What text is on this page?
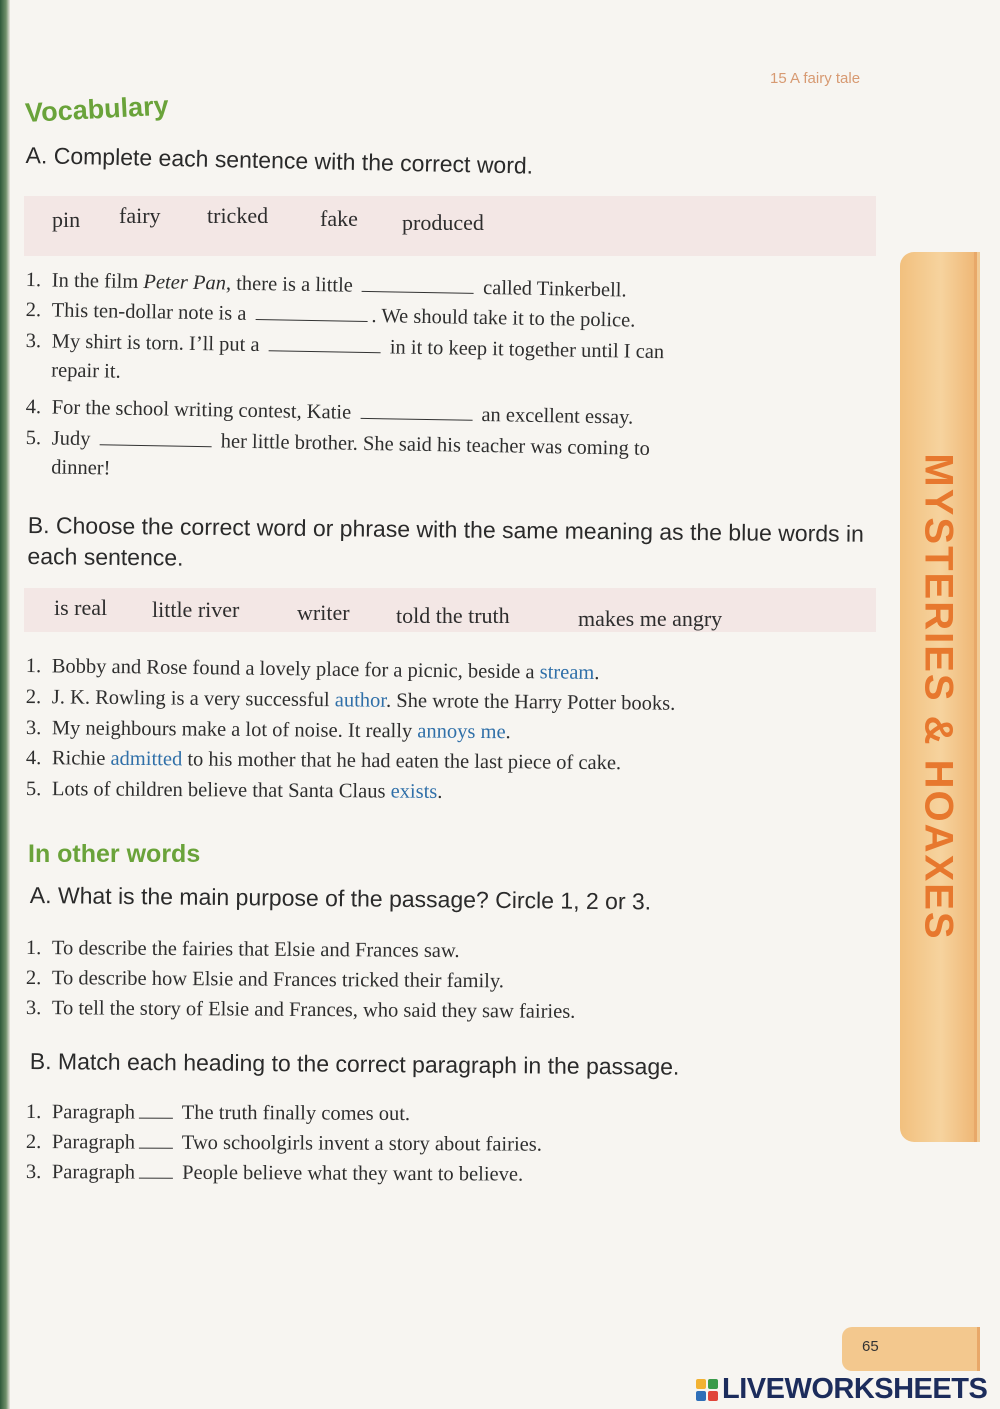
15 A fairy tale
Vocabulary
A. Complete each sentence with the correct word.
pin fairy tricked fake produced
1. In the film Peter Pan, there is a little	called Tinkerbell.
2. This ten-dollar note is a	. We should take it to the police.
3. My shirt is torn. I’ll put a	in it to keep it together until I can
repair it.
4. For the school writing contest, Katie	an excellent essay.
5. Judy	her little brother. She said his teacher was coming to
dinner!
B. Choose the correct word or phrase with the same meaning as the blue words in each sentence.
is real little river	writer told the truth	makes me angry
1. Bobby and Rose found a lovely place for a picnic, beside a stream.
2. J. K. Rowling is a very successful author. She wrote the Harry Potter books.
3. My neighbours make a lot of noise. It really annoys me.
4. Richie admitted to his mother that he had eaten the last piece of cake.
5. Lots of children believe that Santa Claus exists.
In other words
A. What is the main purpose of the passage? Circle 1, 2 or 3.
1. To describe the fairies that Elsie and Frances saw.
2. To describe how Elsie and Frances tricked their family.
3. To tell the story of Elsie and Frances, who said they saw fairies.
B. Match each heading to the correct paragraph in the passage.
1. Paragraph The truth finally comes out.
2. Paragraph Two schoolgirls invent a story about fairies.
3. Paragraph People believe what they want to believe.
MYSTERIES & HOAXES
65
LIVEWORKSHEETS
